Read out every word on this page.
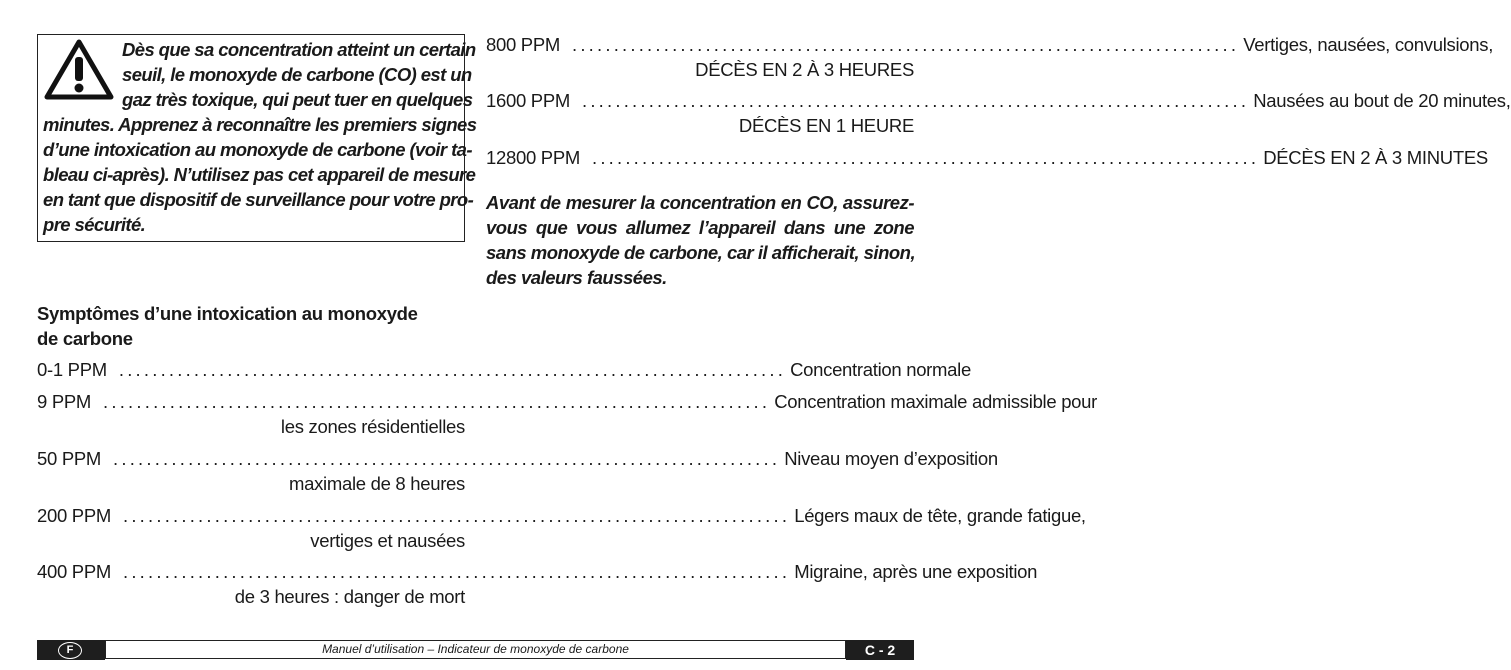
Dès que sa concentration atteint un certain
seuil, le monoxyde de carbone (CO) est un
gaz très toxique, qui peut tuer en quelques
minutes. Apprenez à reconnaître les premiers signes
d’une intoxication au monoxyde de carbone (voir ta-
bleau ci-après). N’utilisez pas cet appareil de mesure
en tant que dispositif de surveillance pour votre pro-
pre sécurité.
Symptômes d’une intoxication au monoxyde
de carbone
0-1 PPM ................................................................................ Concentration normale
9 PPM ................................................................................ Concentration maximale admissible pour
les zones résidentielles
50 PPM ................................................................................ Niveau moyen d’exposition
maximale de 8 heures
200 PPM ................................................................................ Légers maux de tête, grande fatigue,
vertiges et nausées
400 PPM ................................................................................ Migraine, après une exposition
de 3 heures : danger de mort
800 PPM ................................................................................ Vertiges, nausées, convulsions,
DÉCÈS EN 2 À 3 HEURES
1600 PPM ................................................................................ Nausées au bout de 20 minutes,
DÉCÈS EN 1 HEURE
12800 PPM ................................................................................ DÉCÈS EN 2 À 3 MINUTES
Avant de mesurer la concentration en CO, assurez-
vous que vous allumez l’appareil dans une zone
sans monoxyde de carbone, car il afficherait, sinon,
des valeurs faussées.
F	Manuel d’utilisation – Indicateur de monoxyde de carbone	C - 2
